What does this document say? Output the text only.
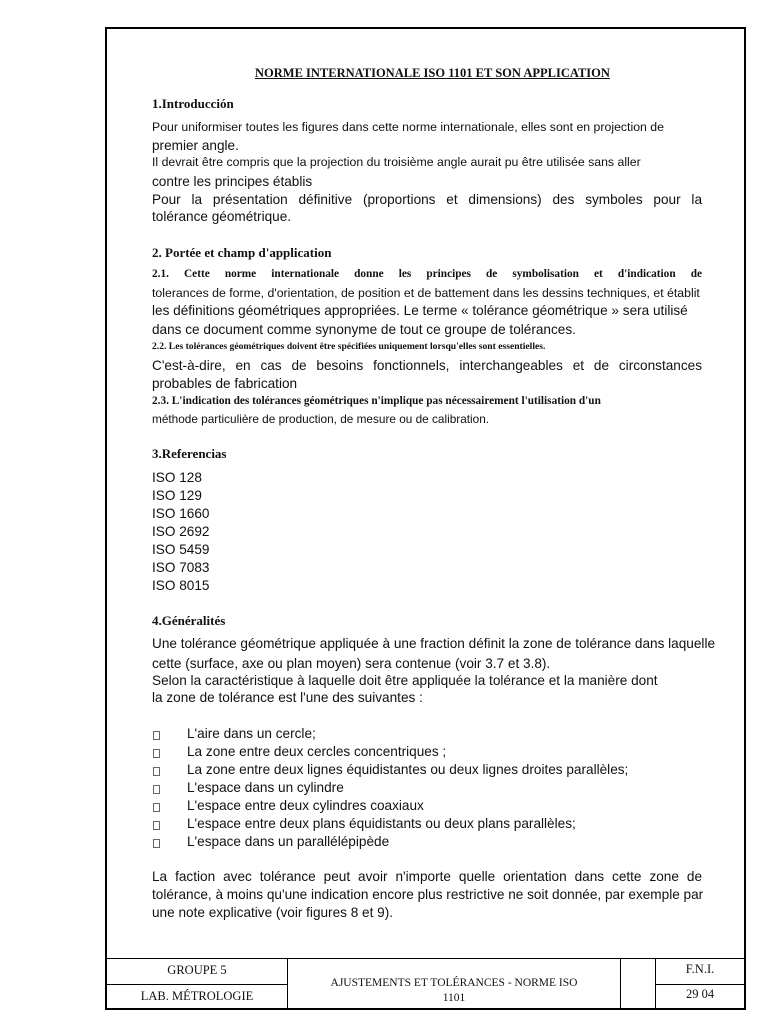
NORME INTERNATIONALE ISO 1101 ET SON APPLICATION
1.Introducción
Pour uniformiser toutes les figures dans cette norme internationale, elles sont en projection de
premier angle.
Il devrait être compris que la projection du troisième angle aurait pu être utilisée sans aller
contre les principes établis
Pour la présentation définitive (proportions et dimensions) des symboles pour la
tolérance géométrique.
2. Portée et champ d'application
2.1. Cette norme internationale donne les principes de symbolisation et d'indication de
tolerances de forme, d'orientation, de position et de battement dans les dessins techniques, et établit
les définitions géométriques appropriées. Le terme « tolérance géométrique » sera utilisé
dans ce document comme synonyme de tout ce groupe de tolérances.
2.2. Les tolérances géométriques doivent être spécifiées uniquement lorsqu'elles sont essentielles.
C'est-à-dire, en cas de besoins fonctionnels, interchangeables et de circonstances
probables de fabrication
2.3. L'indication des tolérances géométriques n'implique pas nécessairement l'utilisation d'un
méthode particulière de production, de mesure ou de calibration.
3.Referencias
ISO 128
ISO 129
ISO 1660
ISO 2692
ISO 5459
ISO 7083
ISO 8015
4.Généralités
Une tolérance géométrique appliquée à une fraction définit la zone de tolérance dans laquelle
cette (surface, axe ou plan moyen) sera contenue (voir 3.7 et 3.8).
Selon la caractéristique à laquelle doit être appliquée la tolérance et la manière dont
la zone de tolérance est l'une des suivantes :
L'aire dans un cercle;
La zone entre deux cercles concentriques ;
La zone entre deux lignes équidistantes ou deux lignes droites parallèles;
L'espace dans un cylindre
L'espace entre deux cylindres coaxiaux
L'espace entre deux plans équidistants ou deux plans parallèles;
L'espace dans un parallélépipède
La faction avec tolérance peut avoir n'importe quelle orientation dans cette zone de
tolérance, à moins qu'une indication encore plus restrictive ne soit donnée, par exemple par
une note explicative (voir figures 8 et 9).
GROUPE 5
LAB. MÉTROLOGIE
AJUSTEMENTS ET TOLÉRANCES - NORME ISO
1101
F.N.I.
29 04
